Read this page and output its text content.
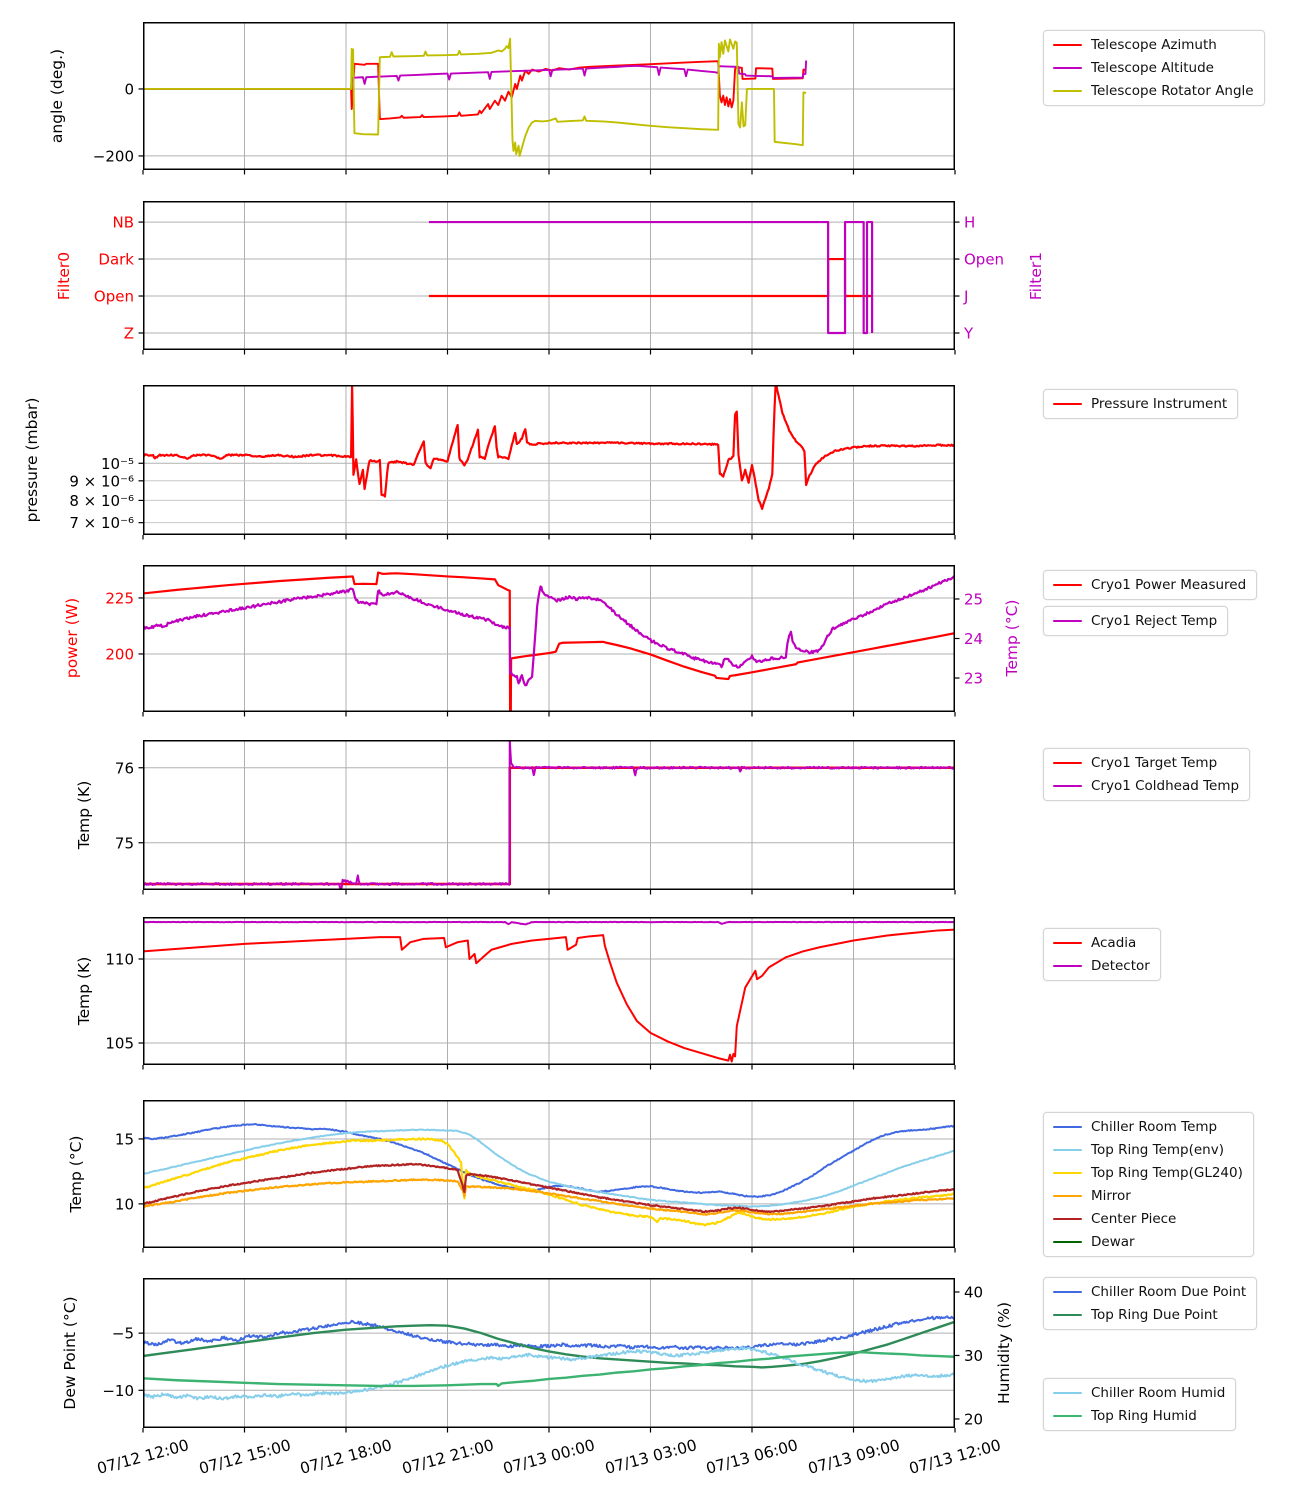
0
−200
NB
Dark
Open
Z
H
Open
J
Y
10⁻⁵
9 × 10⁻⁶
8 × 10⁻⁶
7 × 10⁻⁶
225
200
25
24
23
76
75
110
105
15
10
−5
−10
40
30
20
angle (deg.)
Filter0
pressure (mbar)
power (W)
Temp (K)
Temp (K)
Temp (°C)
Dew Point (°C)
Filter1
Temp (°C)
Humidity (%)
Telescope Azimuth
Telescope Altitude
Telescope Rotator Angle
Pressure Instrument
Cryo1 Power Measured
Cryo1 Reject Temp
Cryo1 Target Temp
Cryo1 Coldhead Temp
Acadia
Detector
Chiller Room Temp
Top Ring Temp(env)
Top Ring Temp(GL240)
Mirror
Center Piece
Dewar
Chiller Room Due Point
Top Ring Due Point
Chiller Room Humid
Top Ring Humid
07/12 12:00 07/12 15:00 07/12 18:00 07/12 21:00 07/13 00:00 07/13 03:00 07/13 06:00 07/13 09:00 07/13 12:00
